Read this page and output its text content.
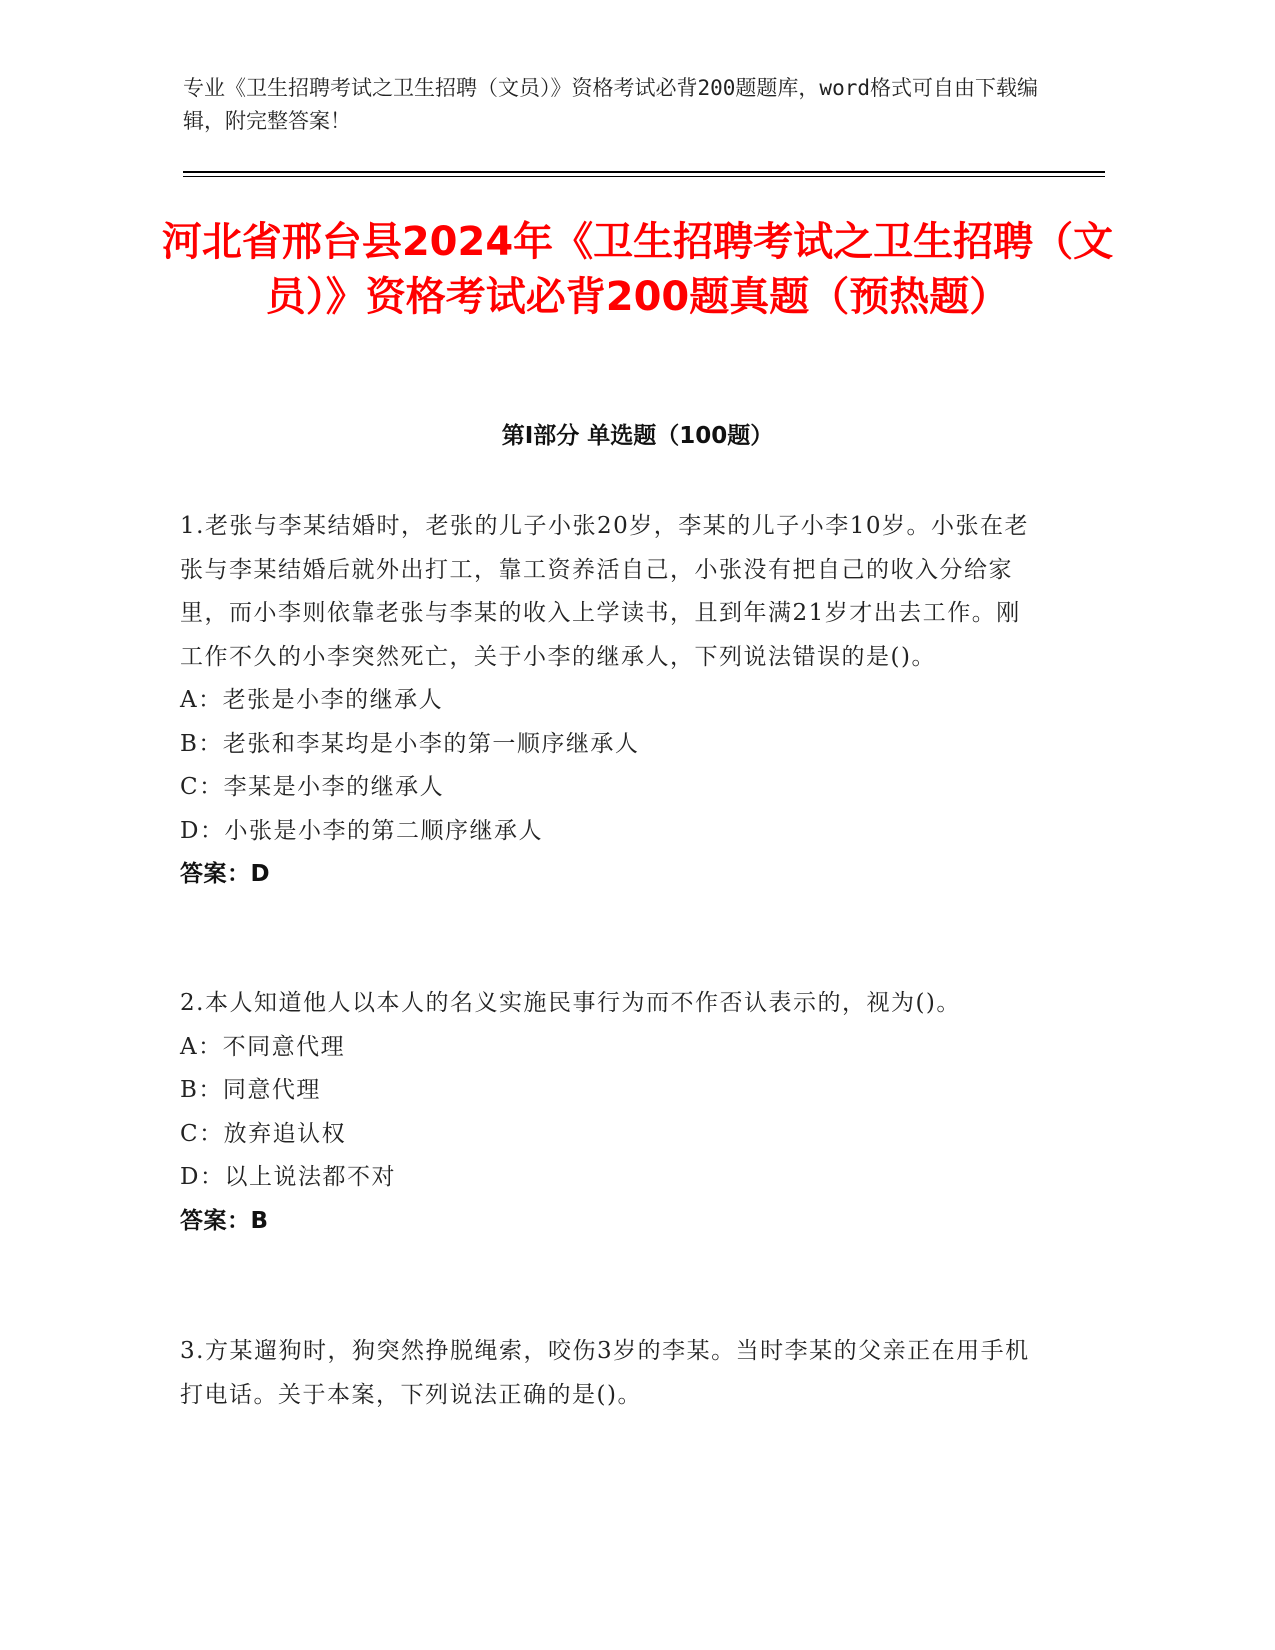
专业《卫生招聘考试之卫生招聘（文员）》资格考试必背200题题库，word格式可自由下载编辑，附完整答案！
河北省邢台县2024年《卫生招聘考试之卫生招聘（文员）》资格考试必背200题真题（预热题）
第Ⅰ部分 单选题（100题）

1.老张与李某结婚时，老张的儿子小张20岁，李某的儿子小李10岁。小张在老张与李某结婚后就外出打工，靠工资养活自己，小张没有把自己的收入分给家里，而小李则依靠老张与李某的收入上学读书，且到年满21岁才出去工作。刚工作不久的小李突然死亡，关于小李的继承人，下列说法错误的是()。

A：老张是小李的继承人

B：老张和李某均是小李的第一顺序继承人

C：李某是小李的继承人

D：小张是小李的第二顺序继承人

答案：D

2.本人知道他人以本人的名义实施民事行为而不作否认表示的，视为()。

A：不同意代理

B：同意代理

C：放弃追认权

D：以上说法都不对

答案：B

3.方某遛狗时，狗突然挣脱绳索，咬伤3岁的李某。当时李某的父亲正在用手机打电话。关于本案，下列说法正确的是()。
